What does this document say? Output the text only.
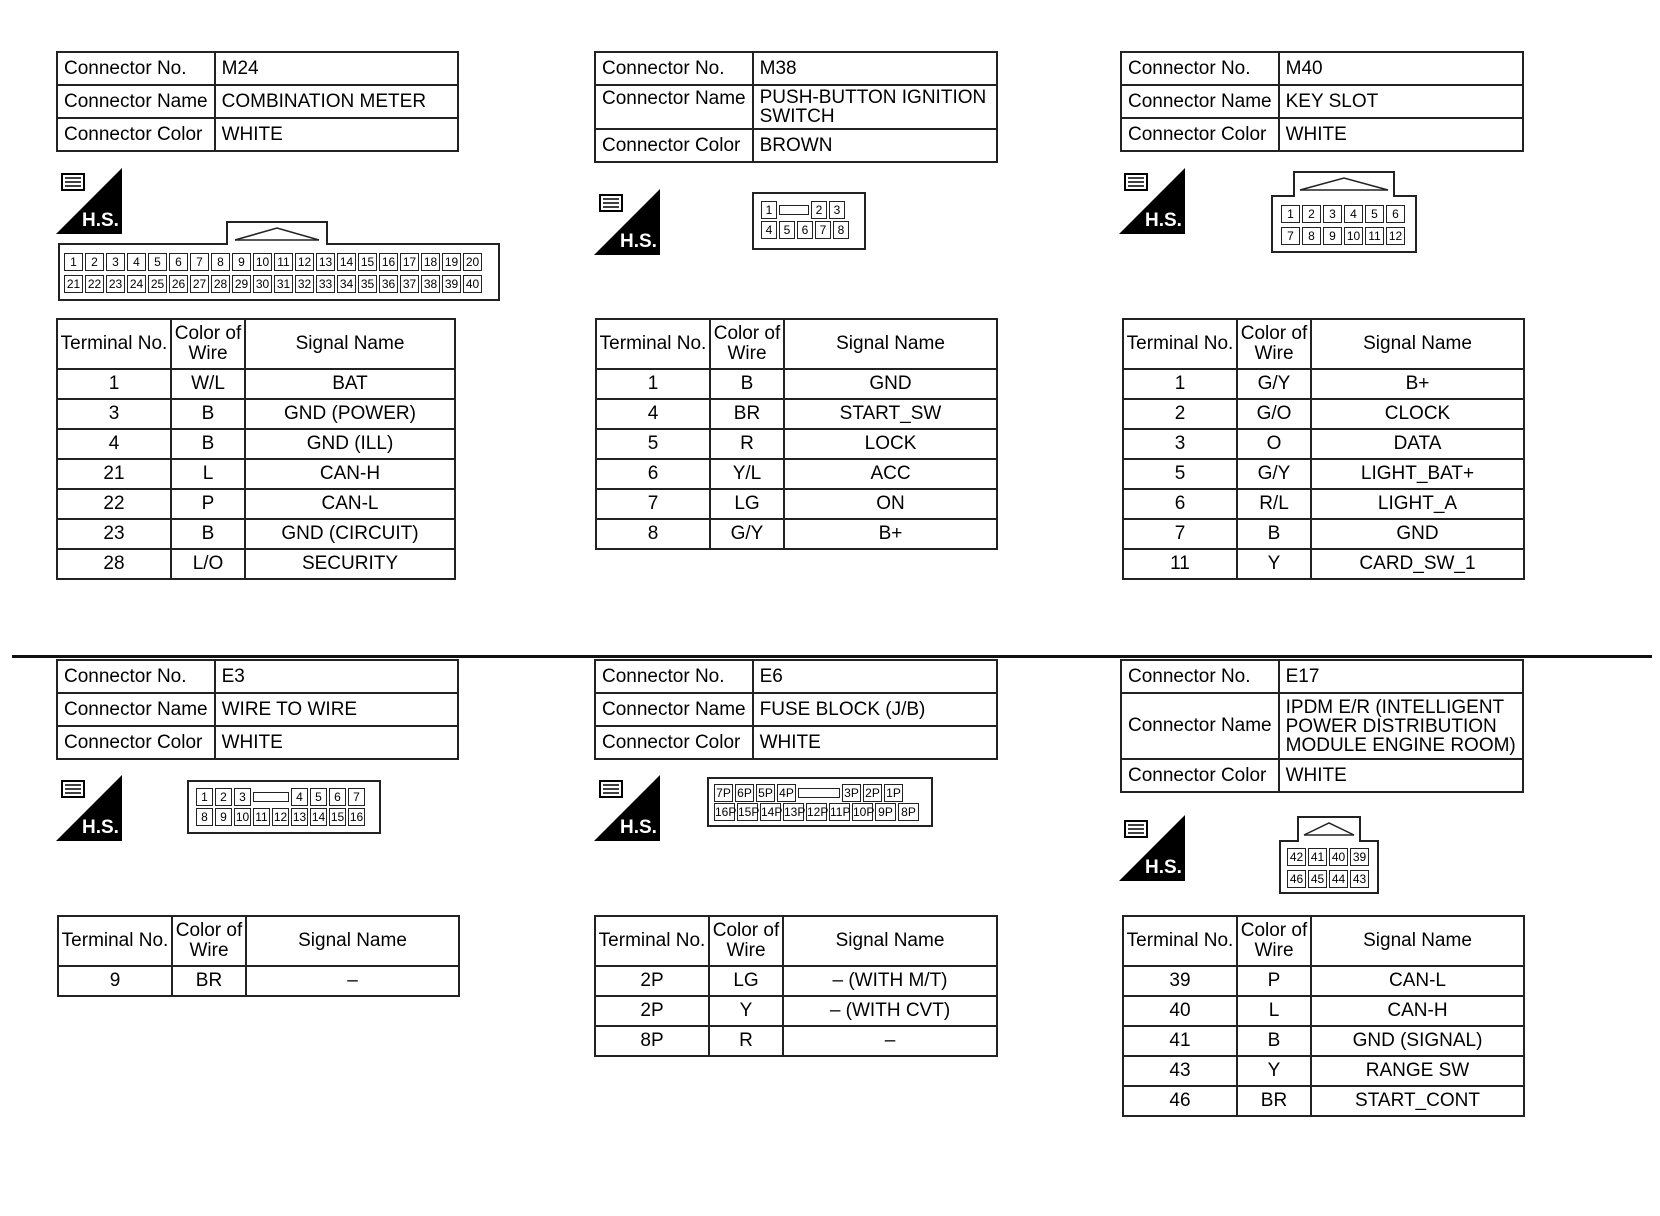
Connector No.	M24
Connector Name	COMBINATION METER
Connector Color	WHITE
H.S.
1 2 3 4 5 6 7 8 9 10 11 12 13 14 15 16 17 18 19 20
21 22 23 24 25 26 27 28 29 30 31 32 33 34 35 36 37 38 39 40
Terminal No.	Color of Wire	Signal Name
1	W/L	BAT
3	B	GND (POWER)
4	B	GND (ILL)
21	L	CAN-H
22	P	CAN-L
23	B	GND (CIRCUIT)
28	L/O	SECURITY
Connector No.	M38
Connector Name	PUSH-BUTTON IGNITION SWITCH
Connector Color	BROWN
H.S.
1	2 3
4 5 6 7 8
Terminal No.	Color of Wire	Signal Name
1	B	GND
4	BR	START_SW
5	R	LOCK
6	Y/L	ACC
7	LG	ON
8	G/Y	B+
Connector No.	M40
Connector Name	KEY SLOT
Connector Color	WHITE
H.S.	1 2 3 4 5 6
7 8 9 10 11 12
Terminal No.	Color of Wire	Signal Name
1	G/Y	B+
2	G/O	CLOCK
3	O	DATA
5	G/Y	LIGHT_BAT+
6	R/L	LIGHT_A
7	B	GND
11	Y	CARD_SW_1
Connector No.	E3
Connector Name	WIRE TO WIRE
Connector Color	WHITE
H.S.
1 2 3	4 5 6 7
8 9 10 11 12 13 14 15 16
Terminal No.	Color of Wire	Signal Name
9	BR	–
Connector No.	E6
Connector Name	FUSE BLOCK (J/B)
Connector Color	WHITE
H.S.
7P 6P 5P 4P	3P 2P 1P
16P 15P 14P 13P 12P 11P 10P 9P 8P
Terminal No.	Color of Wire	Signal Name
2P	LG	– (WITH M/T)
2P	Y	– (WITH CVT)
8P	R	–
Connector No.	E17
Connector Name	IPDM E/R (INTELLIGENT POWER DISTRIBUTION MODULE ENGINE ROOM)
Connector Color	WHITE
H.S.	42 41 40 39
46 45 44 43
Terminal No.	Color of Wire	Signal Name
39	P	CAN-L
40	L	CAN-H
41	B	GND (SIGNAL)
43	Y	RANGE SW
46	BR	START_CONT
